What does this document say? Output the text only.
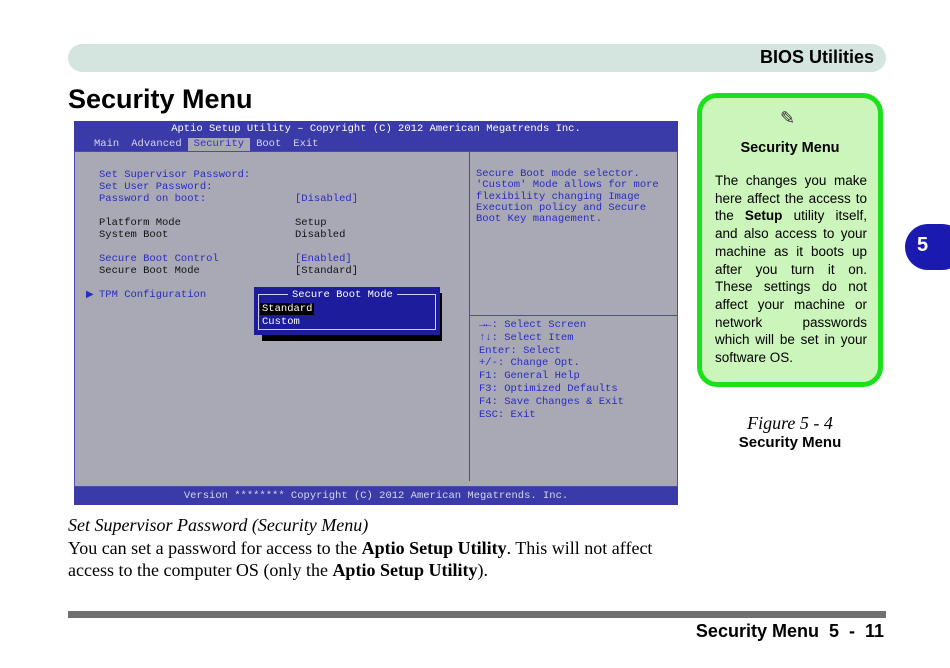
BIOS Utilities
Security Menu
Aptio Setup Utility – Copyright (C) 2012 American Megatrends Inc.
Main	Advanced	Security	Boot	Exit
Set Supervisor Password:
Set User Password:
Password on boot:	[Disabled]
Platform Mode	Setup
System Boot	Disabled
Secure Boot Control	[Enabled]
Secure Boot Mode	[Standard]
▶ TPM Configuration
Secure Boot mode selector. 'Custom' Mode allows for more flexibility changing Image Execution policy and Secure Boot Key management.
→←: Select Screen
↑↓: Select Item
Enter: Select
+/-: Change Opt.
F1: General Help
F3: Optimized Defaults
F4: Save Changes & Exit
ESC: Exit
Secure Boot Mode
Standard
Custom
Version ******** Copyright (C) 2012 American Megatrends. Inc.
✎
Security Menu
The changes you make here affect the access to the Setup utility itself, and also access to your machine as it boots up after you turn it on. These settings do not affect your machine or network passwords which will be set in your software OS.
Figure 5 - 4
Security Menu
5
Set Supervisor Password (Security Menu)
You can set a password for access to the Aptio Setup Utility. This will not affect access to the computer OS (only the Aptio Setup Utility).
Security Menu  5  -  11
